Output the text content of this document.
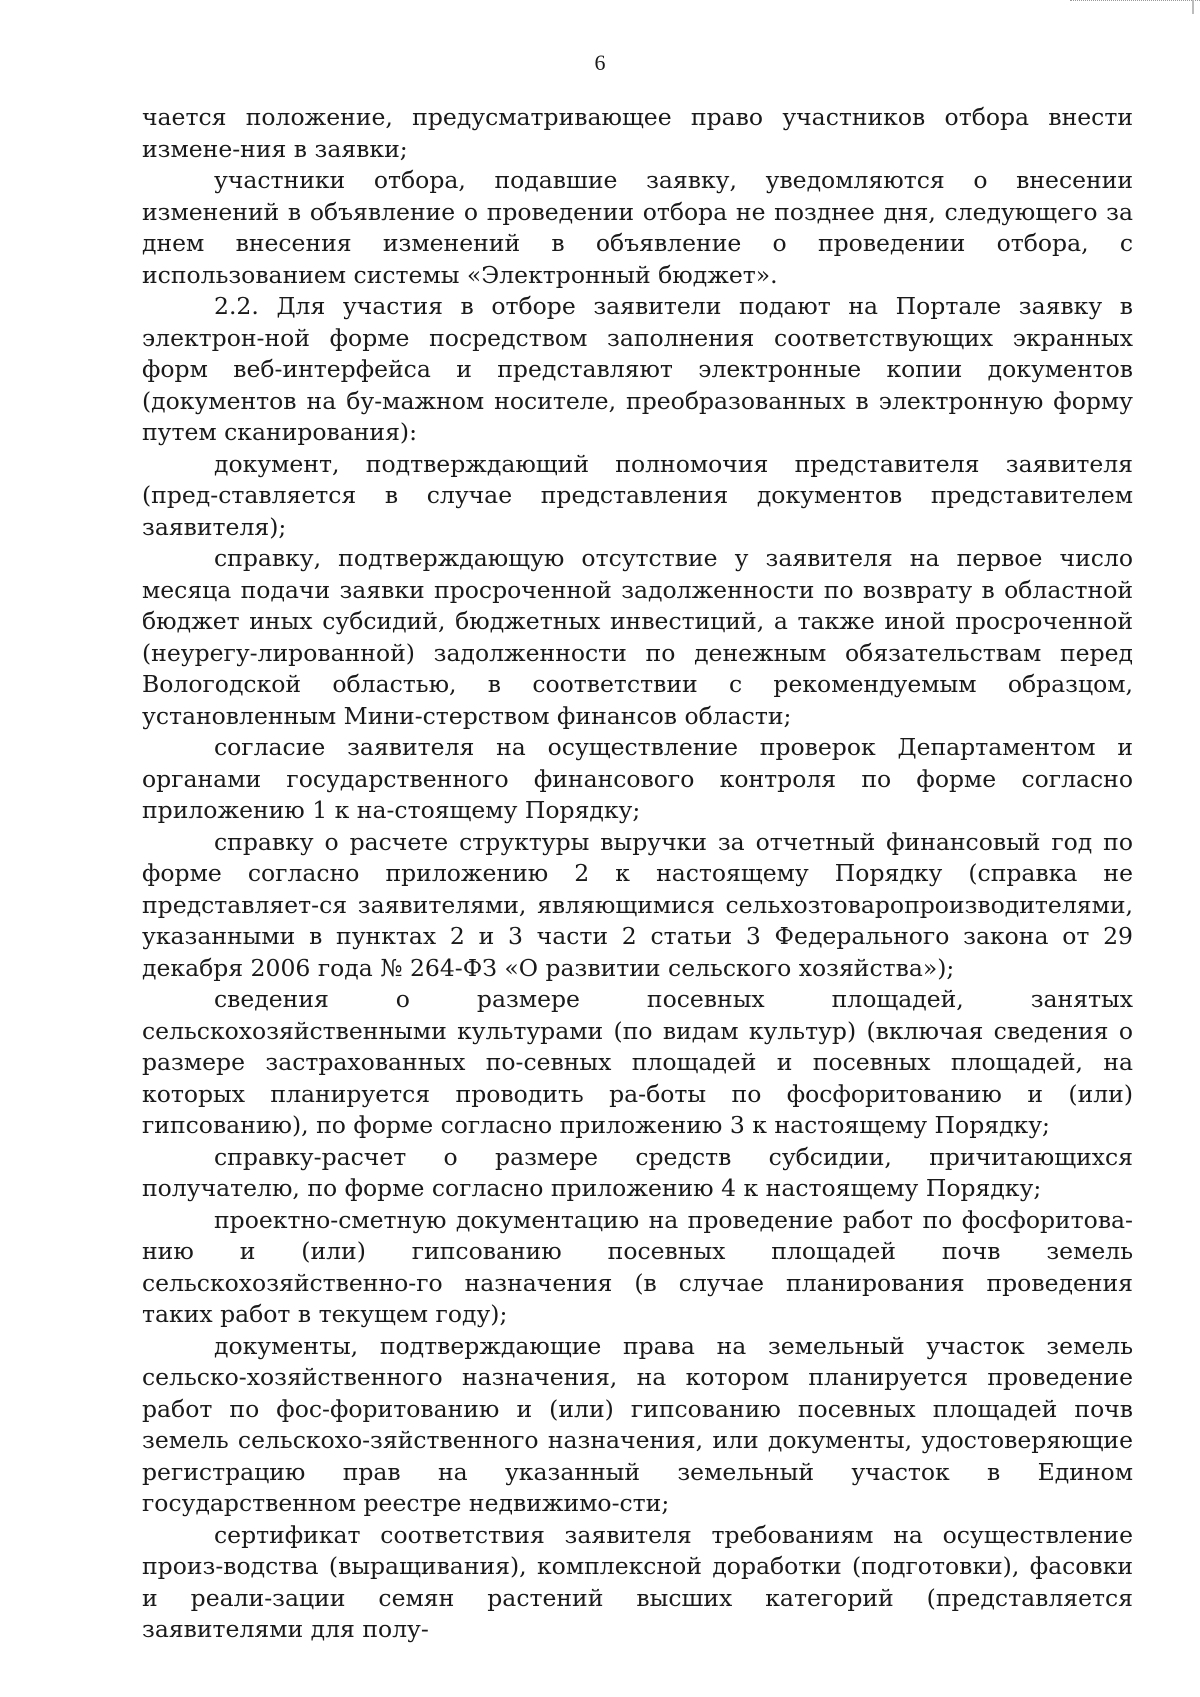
6

чается положение, предусматривающее право участников отбора внести измене-ния в заявки;

участники отбора, подавшие заявку, уведомляются о внесении изменений в объявление о проведении отбора не позднее дня, следующего за днем внесения изменений в объявление о проведении отбора, с использованием системы «Электронный бюджет».

2.2. Для участия в отборе заявители подают на Портале заявку в электрон-ной форме посредством заполнения соответствующих экранных форм веб-интерфейса и представляют электронные копии документов (документов на бу-мажном носителе, преобразованных в электронную форму путем сканирования):

документ, подтверждающий полномочия представителя заявителя (пред-ставляется в случае представления документов представителем заявителя);

справку, подтверждающую отсутствие у заявителя на первое число месяца подачи заявки просроченной задолженности по возврату в областной бюджет иных субсидий, бюджетных инвестиций, а также иной просроченной (неурегу-лированной) задолженности по денежным обязательствам перед Вологодской областью, в соответствии с рекомендуемым образцом, установленным Мини-стерством финансов области;

согласие заявителя на осуществление проверок Департаментом и органами государственного финансового контроля по форме согласно приложению 1 к на-стоящему Порядку;

справку о расчете структуры выручки за отчетный финансовый год по форме согласно приложению 2 к настоящему Порядку (справка не представляет-ся заявителями, являющимися сельхозтоваропроизводителями, указанными в пунктах 2 и 3 части 2 статьи 3 Федерального закона от 29 декабря 2006 года № 264-ФЗ «О развитии сельского хозяйства»);

сведения о размере посевных площадей, занятых сельскохозяйственными культурами (по видам культур) (включая сведения о размере застрахованных по-севных площадей и посевных площадей, на которых планируется проводить ра-боты по фосфоритованию и (или) гипсованию), по форме согласно приложению 3 к настоящему Порядку;

справку-расчет о размере средств субсидии, причитающихся получателю, по форме согласно приложению 4 к настоящему Порядку;

проектно-сметную документацию на проведение работ по фосфоритова-нию и (или) гипсованию посевных площадей почв земель сельскохозяйственно-го назначения (в случае планирования проведения таких работ в текущем году);

документы, подтверждающие права на земельный участок земель сельско-хозяйственного назначения, на котором планируется проведение работ по фос-форитованию и (или) гипсованию посевных площадей почв земель сельскохо-зяйственного назначения, или документы, удостоверяющие регистрацию прав на указанный земельный участок в Едином государственном реестре недвижимо-сти;

сертификат соответствия заявителя требованиям на осуществление произ-водства (выращивания), комплексной доработки (подготовки), фасовки и реали-зации семян растений высших категорий (представляется заявителями для полу-
